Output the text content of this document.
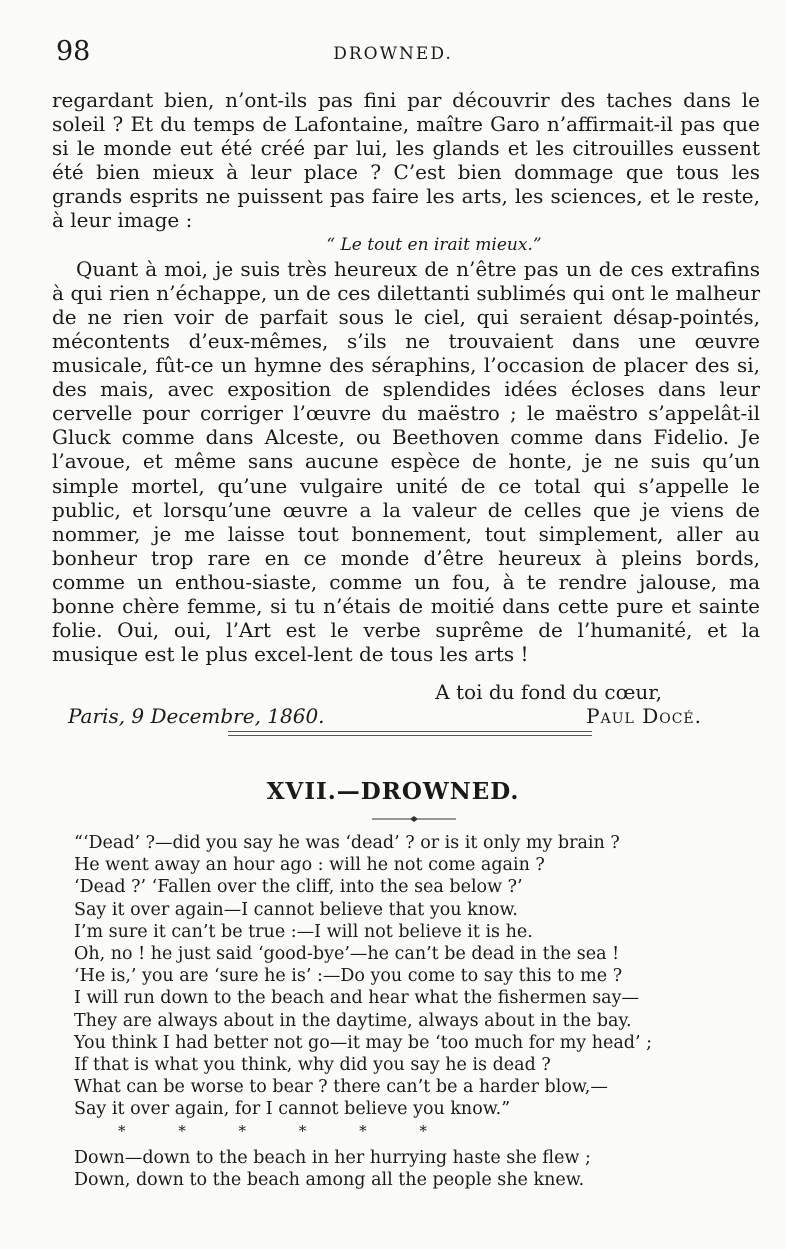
98	DROWNED.

regardant bien, n’ont-ils pas fini par découvrir des taches dans le soleil ? Et du temps de Lafontaine, maître Garo n’affirmait-il pas que si le monde eut été créé par lui, les glands et les citrouilles eussent été bien mieux à leur place ? C’est bien dommage que tous les grands esprits ne puissent pas faire les arts, les sciences, et le reste, à leur image :

“ Le tout en irait mieux.”

Quant à moi, je suis très heureux de n’être pas un de ces extrafins à qui rien n’échappe, un de ces dilettanti sublimés qui ont le malheur de ne rien voir de parfait sous le ciel, qui seraient désap-pointés, mécontents d’eux-mêmes, s’ils ne trouvaient dans une œuvre musicale, fût-ce un hymne des séraphins, l’occasion de placer des si, des mais, avec exposition de splendides idées écloses dans leur cervelle pour corriger l’œuvre du maëstro ; le maëstro s’appelât-il Gluck comme dans Alceste, ou Beethoven comme dans Fidelio. Je l’avoue, et même sans aucune espèce de honte, je ne suis qu’un simple mortel, qu’une vulgaire unité de ce total qui s’appelle le public, et lorsqu’une œuvre a la valeur de celles que je viens de nommer, je me laisse tout bonnement, tout simplement, aller au bonheur trop rare en ce monde d’être heureux à pleins bords, comme un enthou-siaste, comme un fou, à te rendre jalouse, ma bonne chère femme, si tu n’étais de moitié dans cette pure et sainte folie. Oui, oui, l’Art est le verbe suprême de l’humanité, et la musique est le plus excel-lent de tous les arts !

A toi du fond du cœur,
Paris, 9 Decembre, 1860.	Paul Docé.
XVII.—DROWNED.
“‘Dead’ ?—did you say he was ‘dead’ ? or is it only my brain ?
He went away an hour ago : will he not come again ?
‘Dead ?’ ‘Fallen over the cliff, into the sea below ?’
Say it over again—I cannot believe that you know.
I’m sure it can’t be true :—I will not believe it is he.
Oh, no ! he just said ‘good-bye’—he can’t be dead in the sea !
‘He is,’ you are ‘sure he is’ :—Do you come to say this to me ?
I will run down to the beach and hear what the fishermen say—
They are always about in the daytime, always about in the bay.
You think I had better not go—it may be ‘too much for my head’ ;
If that is what you think, why did you say he is dead ?
What can be worse to bear ? there can’t be a harder blow,—
Say it over again, for I cannot believe you know.”
* * * * * *
Down—down to the beach in her hurrying haste she flew ;
Down, down to the beach among all the people she knew.
